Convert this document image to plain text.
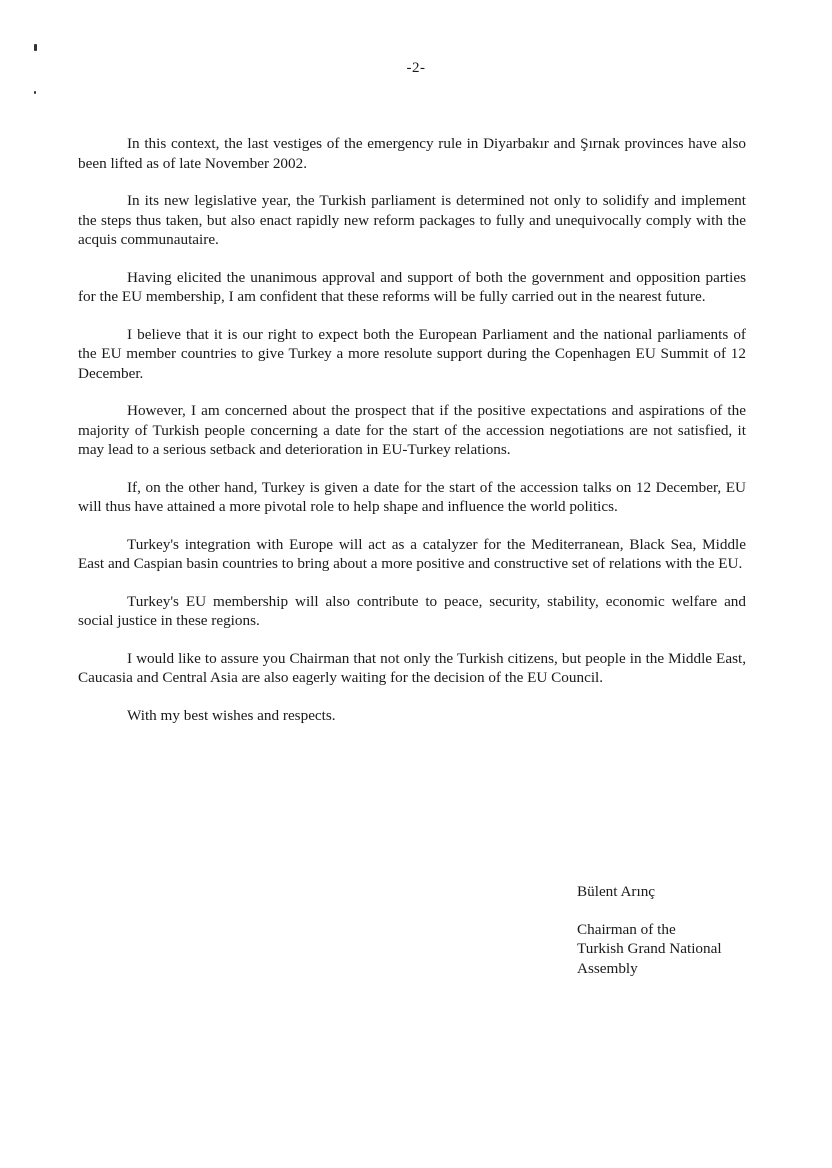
-2-

In this context, the last vestiges of the emergency rule in Diyarbakır and Şırnak provinces have also been lifted as of late November 2002.

In its new legislative year, the Turkish parliament is determined not only to solidify and implement the steps thus taken, but also enact rapidly new reform packages to fully and unequivocally comply with the acquis communautaire.

Having elicited the unanimous approval and support of both the government and opposition parties for the EU membership, I am confident that these reforms will be fully carried out in the nearest future.

I believe that it is our right to expect both the European Parliament and the national parliaments of the EU member countries to give Turkey a more resolute support during the Copenhagen EU Summit of 12 December.

However, I am concerned about the prospect that if the positive expectations and aspirations of the majority of Turkish people concerning a date for the start of the accession negotiations are not satisfied, it may lead to a serious setback and deterioration in EU-Turkey relations.

If, on the other hand, Turkey is given a date for the start of the accession talks on 12 December, EU will thus have attained a more pivotal role to help shape and influence the world politics.

Turkey's integration with Europe will act as a catalyzer for the Mediterranean, Black Sea, Middle East and Caspian basin countries to bring about a more positive and constructive set of relations with the EU.

Turkey's EU membership will also contribute to peace, security, stability, economic welfare and social justice in these regions.

I would like to assure you Chairman that not only the Turkish citizens, but people in the Middle East, Caucasia and Central Asia are also eagerly waiting for the decision of the EU Council.

With my best wishes and respects.

Bülent Arınç

Chairman of the

Turkish Grand National

Assembly
